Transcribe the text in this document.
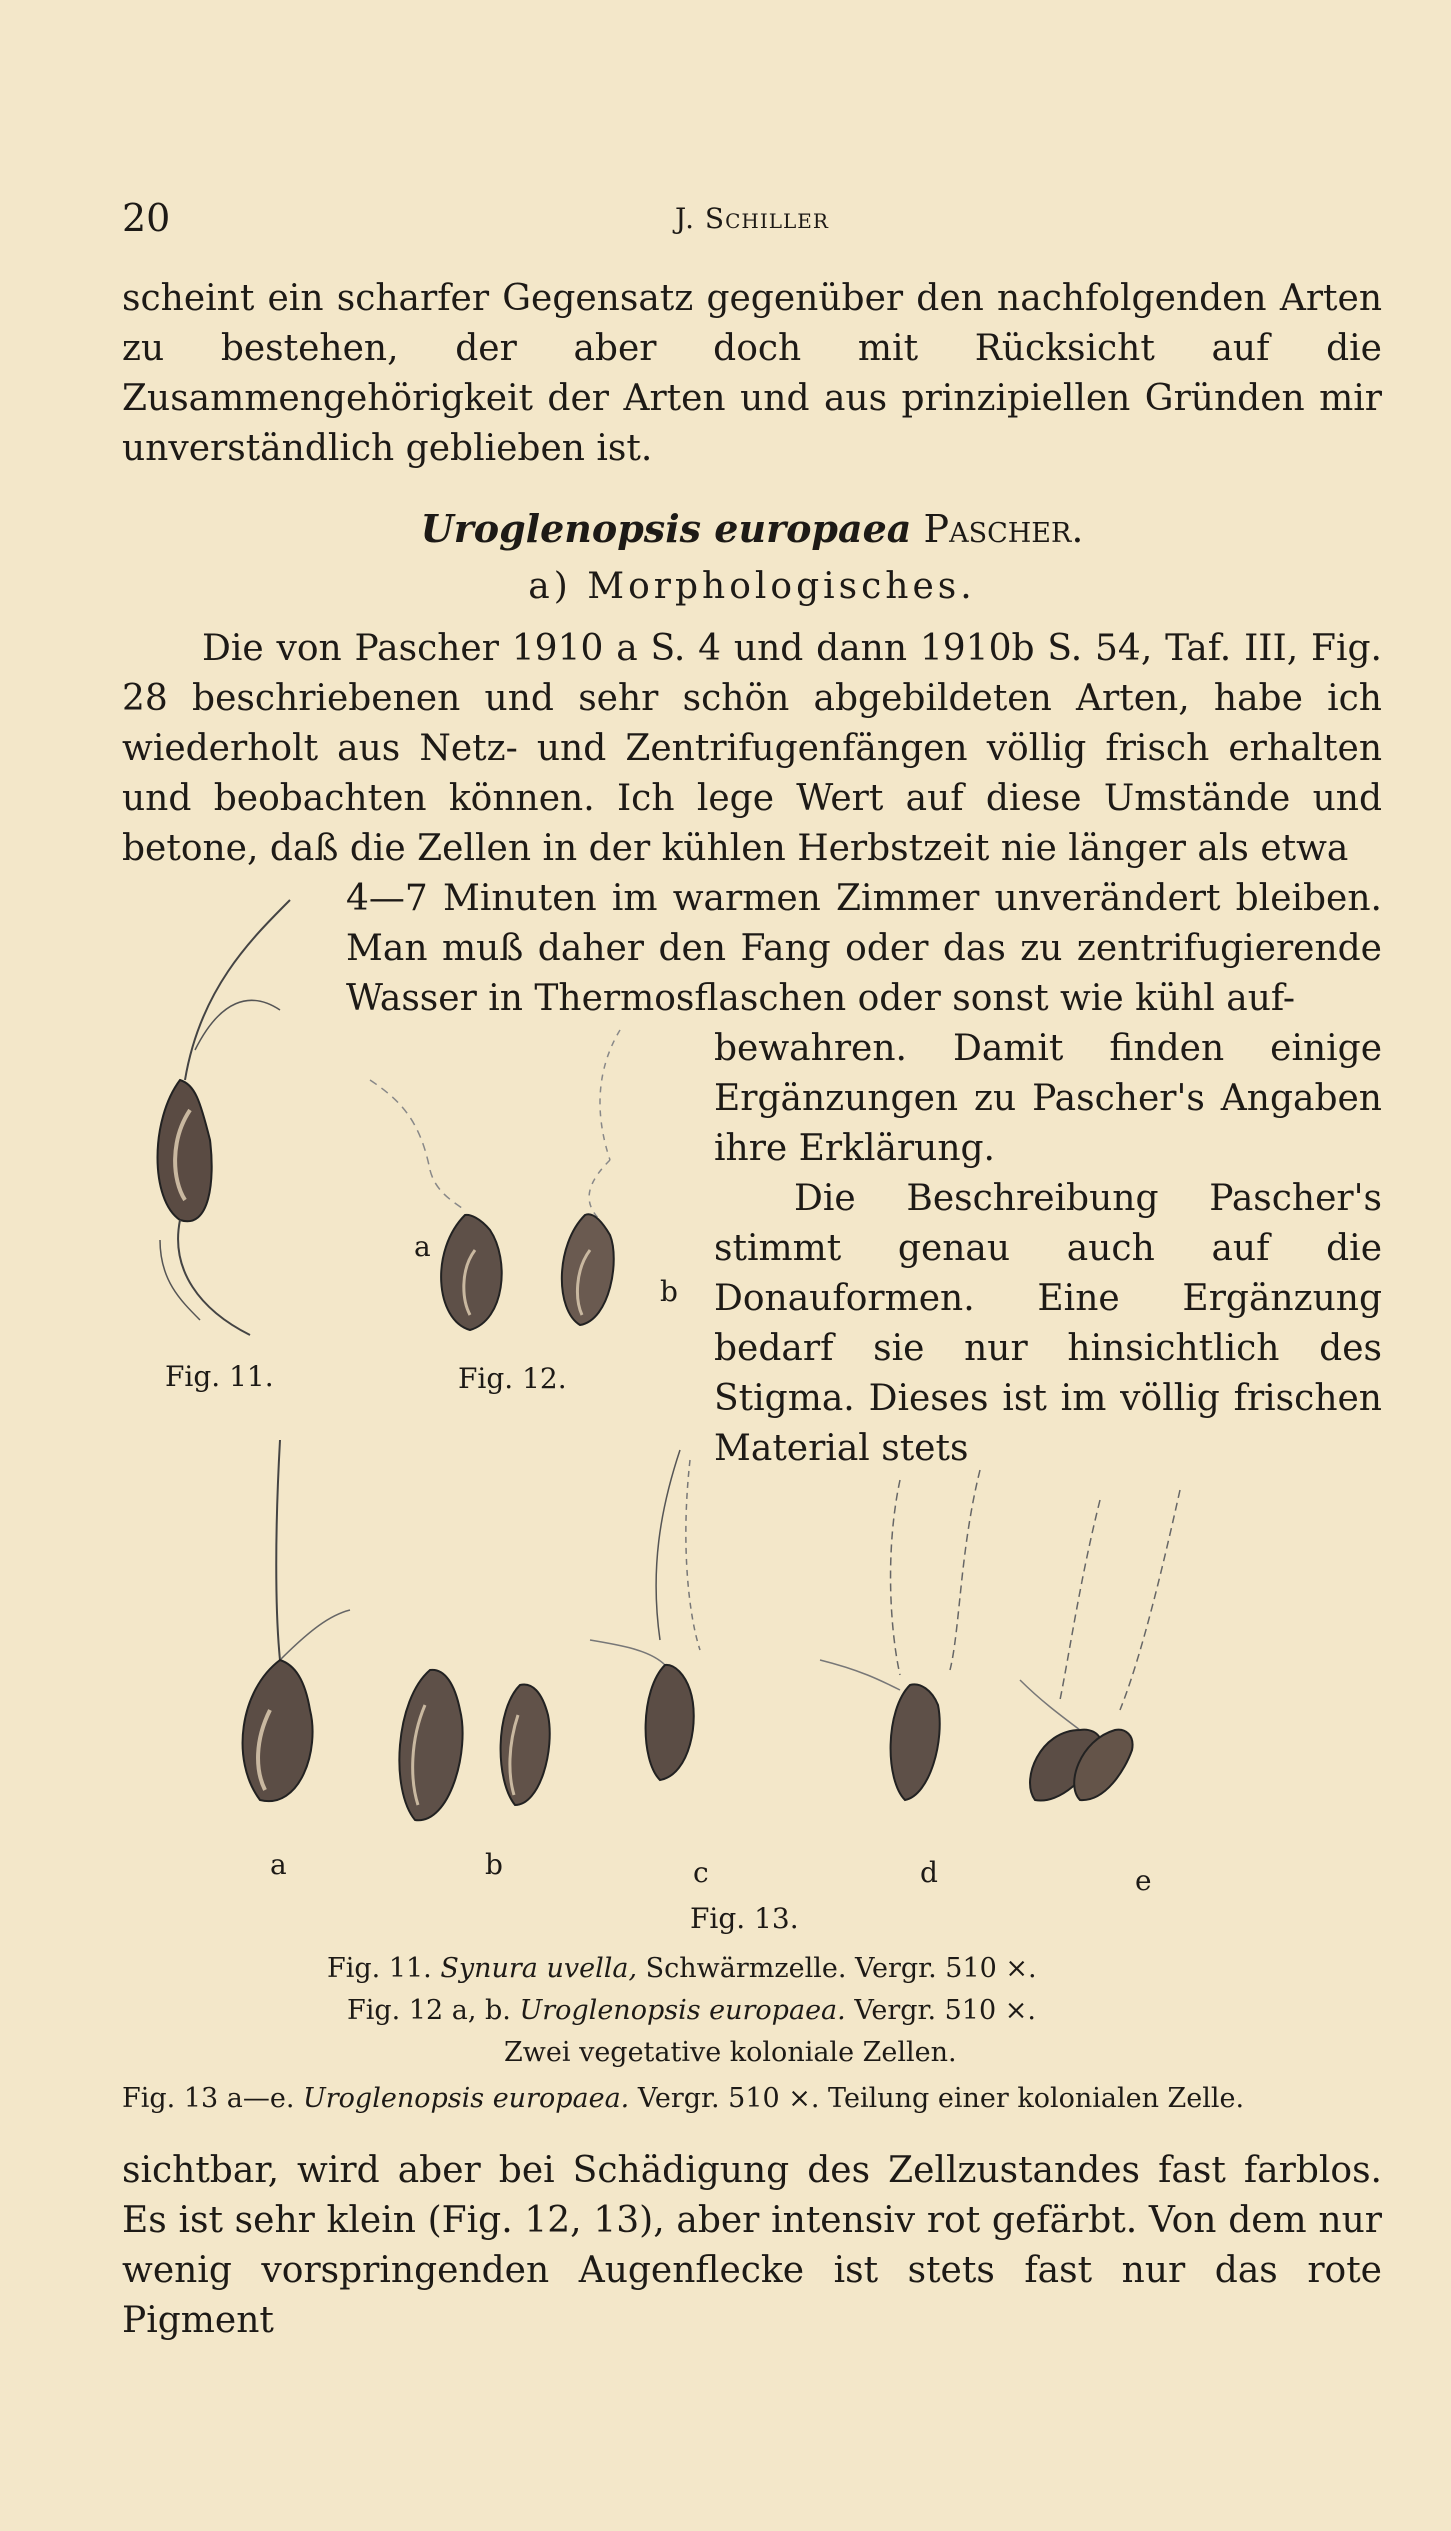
20	J. Schiller

scheint ein scharfer Gegensatz gegenüber den nachfolgenden Arten zu bestehen, der aber doch mit Rücksicht auf die Zusammengehörigkeit der Arten und aus prinzipiellen Gründen mir unverständlich geblieben ist.

Uroglenopsis europaea Pascher.
a) Morphologisches.

Die von Pascher 1910 a S. 4 und dann 1910b S. 54, Taf. III, Fig. 28 beschriebenen und sehr schön abgebildeten Arten, habe ich wiederholt aus Netz- und Zentrifugenfängen völlig frisch erhalten und beobachten können. Ich lege Wert auf diese Umstände und betone, daß die Zellen in der kühlen Herbstzeit nie länger als etwa

4—7 Minuten im warmen Zimmer unverändert bleiben. Man muß daher den Fang oder das zu zentrifugierende Wasser in Thermosflaschen oder sonst wie kühl auf-

bewahren. Damit finden einige Ergänzungen zu Pascher's Angaben ihre Erklärung.

Die Beschreibung Pascher's stimmt genau auch auf die Donauformen. Eine Ergänzung bedarf sie nur hinsichtlich des Stigma. Dieses ist im völlig frischen Material stets

Fig. 11.
a
b
Fig. 12.
a	b	c	d	e
Fig. 13.
Fig. 11. Synura uvella, Schwärmzelle. Vergr. 510 ×.
Fig. 12 a, b. Uroglenopsis europaea. Vergr. 510 ×.
Zwei vegetative koloniale Zellen.
Fig. 13 a—e. Uroglenopsis europaea. Vergr. 510 ×. Teilung einer kolonialen Zelle.

sichtbar, wird aber bei Schädigung des Zellzustandes fast farblos. Es ist sehr klein (Fig. 12, 13), aber intensiv rot gefärbt. Von dem nur wenig vorspringenden Augenflecke ist stets fast nur das rote Pigment
